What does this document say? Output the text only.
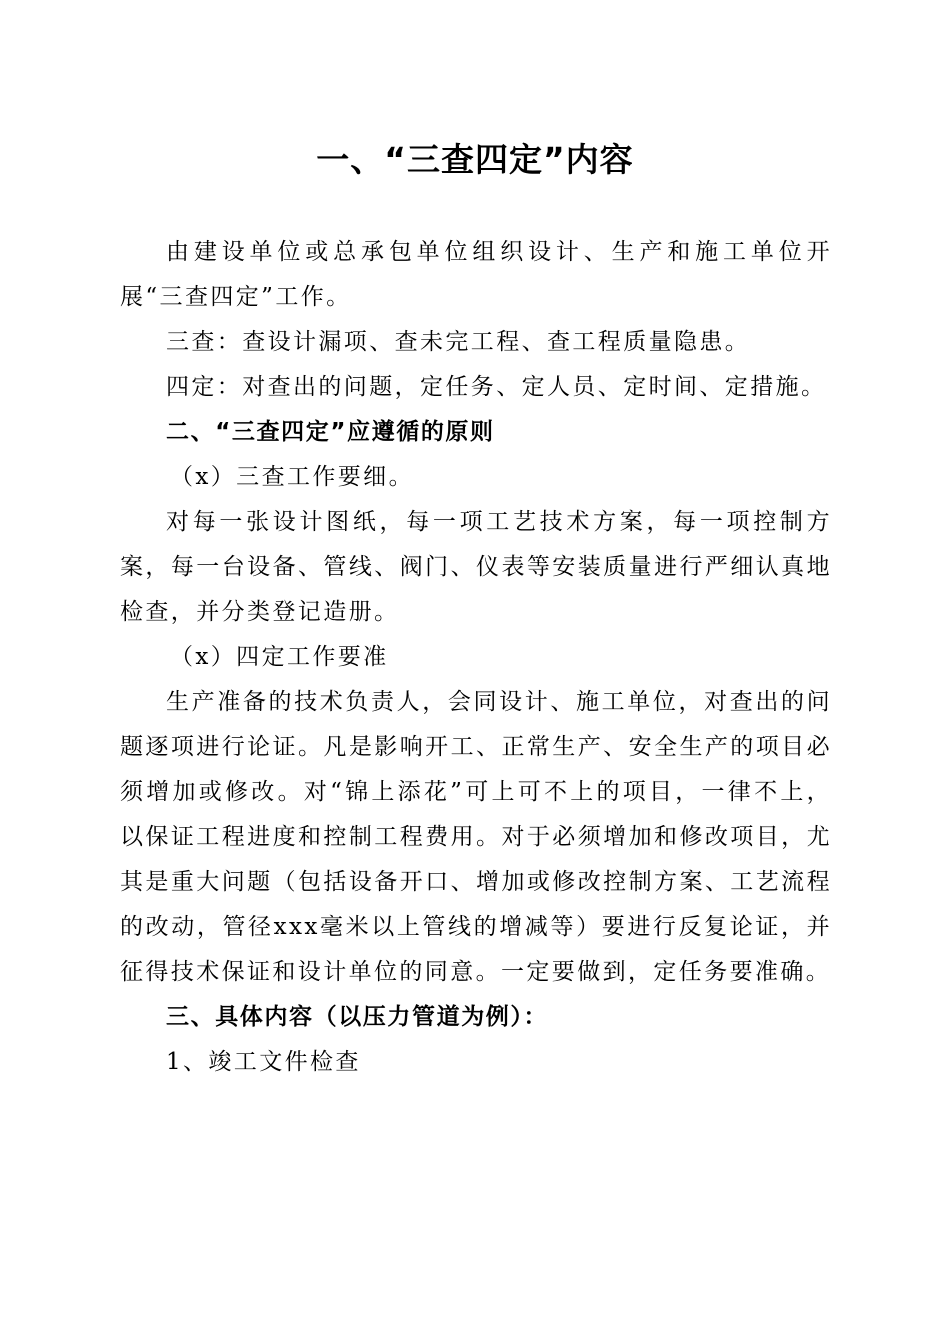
一、“三查四定”内容

由建设单位或总承包单位组织设计、生产和施工单位开展“三查四定”工作。

三查：查设计漏项、查未完工程、查工程质量隐患。

四定：对查出的问题，定任务、定人员、定时间、定措施。

二、“三查四定”应遵循的原则

（x）三查工作要细。

对每一张设计图纸，每一项工艺技术方案，每一项控制方案，每一台设备、管线、阀门、仪表等安装质量进行严细认真地检查，并分类登记造册。

（x）四定工作要准

生产准备的技术负责人，会同设计、施工单位，对查出的问题逐项进行论证。凡是影响开工、正常生产、安全生产的项目必须增加或修改。对“锦上添花”可上可不上的项目，一律不上，以保证工程进度和控制工程费用。对于必须增加和修改项目，尤其是重大问题（包括设备开口、增加或修改控制方案、工艺流程的改动，管径xxx毫米以上管线的增减等）要进行反复论证，并征得技术保证和设计单位的同意。一定要做到，定任务要准确。

三、具体内容（以压力管道为例）：

1、竣工文件检查
